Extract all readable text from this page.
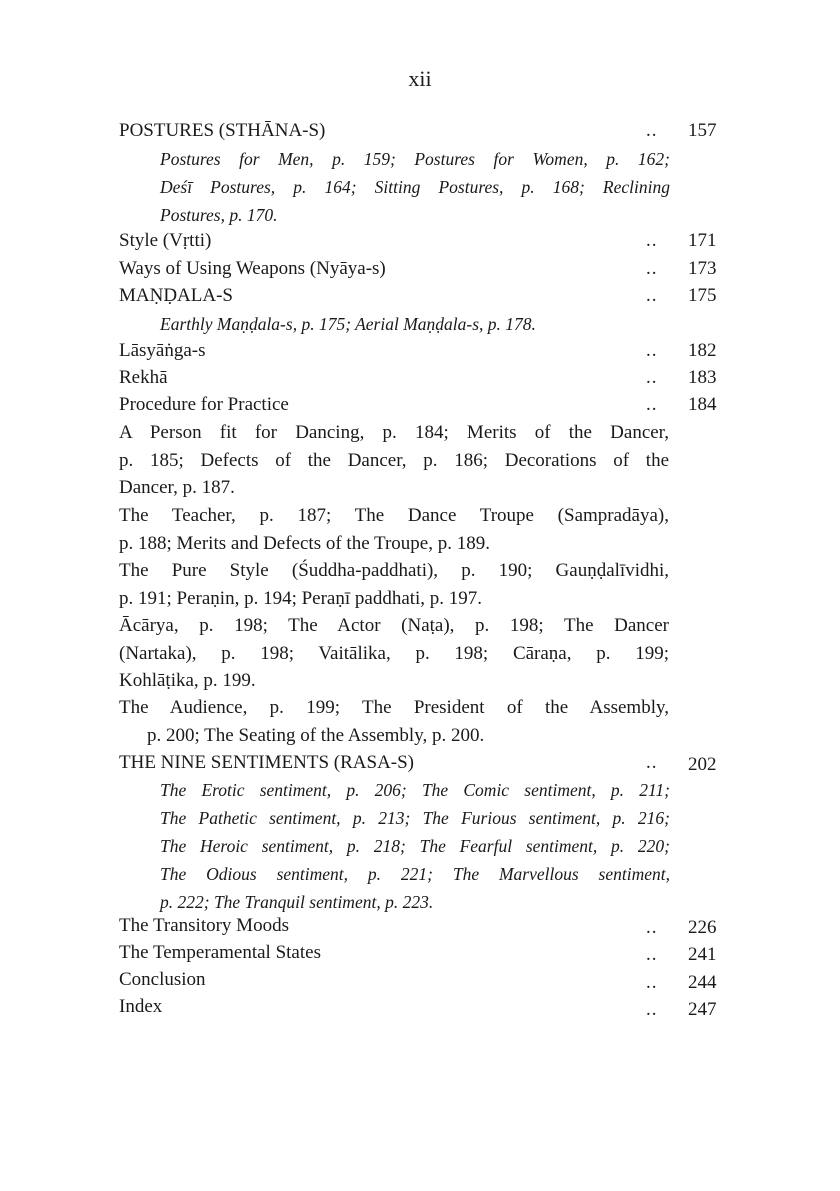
xii
POSTURES (STHĀNA-S)	.. 157
Postures for Men, p. 159; Postures for Women, p. 162;
Deśī Postures, p. 164; Sitting Postures, p. 168; Reclining
Postures, p. 170.
Style (Vṛtti)	.. 171
Ways of Using Weapons (Nyāya-s)	.. 173
MAṆḌALA-S	.. 175
Earthly Maṇḍala-s, p. 175; Aerial Maṇḍala-s, p. 178.
Lāsyāṅga-s	.. 182
Rekhā	.. 183
Procedure for Practice	.. 184
A Person fit for Dancing, p. 184; Merits of the Dancer,
p. 185; Defects of the Dancer, p. 186; Decorations of the
Dancer, p. 187.
The Teacher, p. 187; The Dance Troupe (Sampradāya),
p. 188; Merits and Defects of the Troupe, p. 189.
The Pure Style (Śuddha-paddhati), p. 190; Gauṇḍalīvidhi,
p. 191; Peraṇin, p. 194; Peraṇī paddhati, p. 197.
Ācārya, p. 198; The Actor (Naṭa), p. 198; The Dancer
(Nartaka), p. 198; Vaitālika, p. 198; Cāraṇa, p. 199;
Kohlāṭika, p. 199.
The Audience, p. 199; The President of the Assembly,
p. 200; The Seating of the Assembly, p. 200.
THE NINE SENTIMENTS (RASA-S)	.. 202
The Erotic sentiment, p. 206; The Comic sentiment, p. 211;
The Pathetic sentiment, p. 213; The Furious sentiment, p. 216;
The Heroic sentiment, p. 218; The Fearful sentiment, p. 220;
The Odious sentiment, p. 221; The Marvellous sentiment,
p. 222; The Tranquil sentiment, p. 223.
The Transitory Moods	.. 226
The Temperamental States	.. 241
Conclusion	.. 244
Index	.. 247
